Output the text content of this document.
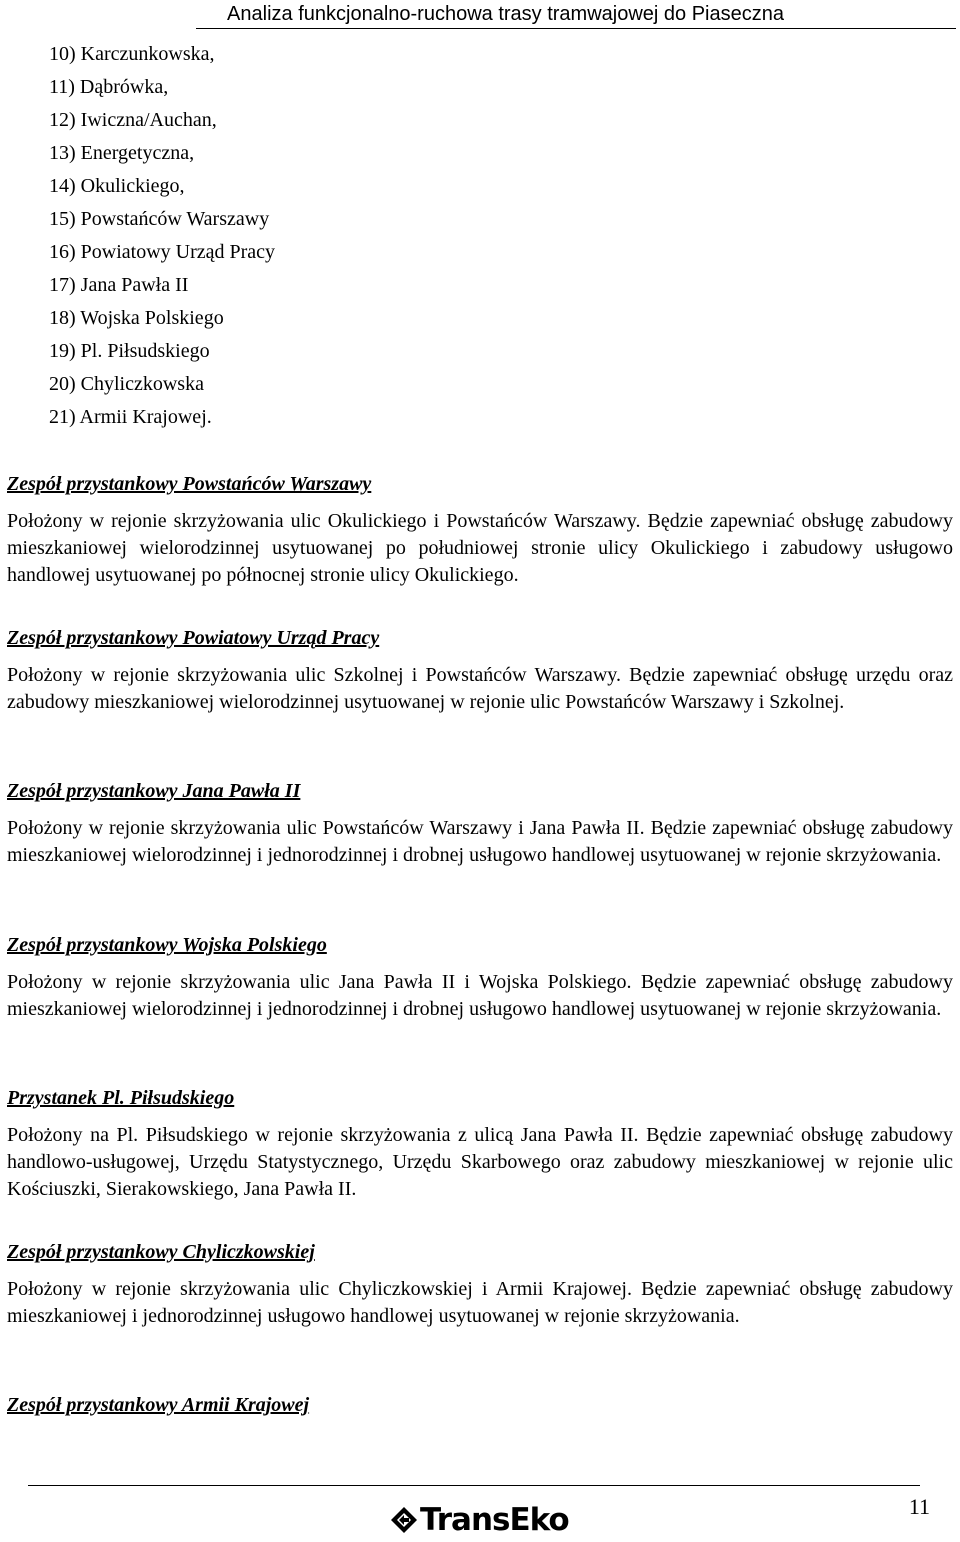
Analiza funkcjonalno-ruchowa trasy tramwajowej do Piaseczna
10) Karczunkowska,
11) Dąbrówka,
12) Iwiczna/Auchan,
13) Energetyczna,
14) Okulickiego,
15) Powstańców Warszawy
16) Powiatowy Urząd Pracy
17) Jana Pawła II
18) Wojska Polskiego
19) Pl. Piłsudskiego
20) Chyliczkowska
21) Armii Krajowej.

Zespół przystankowy Powstańców Warszawy

Położony w rejonie skrzyżowania ulic Okulickiego i Powstańców Warszawy. Będzie zapewniać obsługę zabudowy mieszkaniowej wielorodzinnej usytuowanej po południowej stronie ulicy Okulickiego i zabudowy usługowo handlowej usytuowanej po północnej stronie ulicy Okulickiego.

Zespół przystankowy Powiatowy Urząd Pracy

Położony w rejonie skrzyżowania ulic Szkolnej i Powstańców Warszawy. Będzie zapewniać obsługę urzędu oraz zabudowy mieszkaniowej wielorodzinnej usytuowanej w rejonie ulic Powstańców Warszawy i Szkolnej.

Zespół przystankowy Jana Pawła II

Położony w rejonie skrzyżowania ulic Powstańców Warszawy i Jana Pawła II. Będzie zapewniać obsługę zabudowy mieszkaniowej wielorodzinnej i jednorodzinnej i drobnej usługowo handlowej usytuowanej w rejonie skrzyżowania.

Zespół przystankowy Wojska Polskiego

Położony w rejonie skrzyżowania ulic Jana Pawła II i Wojska Polskiego. Będzie zapewniać obsługę zabudowy mieszkaniowej wielorodzinnej i jednorodzinnej i drobnej usługowo handlowej usytuowanej w rejonie skrzyżowania.

Przystanek Pl. Piłsudskiego

Położony na Pl. Piłsudskiego w rejonie skrzyżowania z ulicą Jana Pawła II. Będzie zapewniać obsługę zabudowy handlowo-usługowej, Urzędu Statystycznego, Urzędu Skarbowego oraz zabudowy mieszkaniowej w rejonie ulic Kościuszki, Sierakowskiego, Jana Pawła II.

Zespół przystankowy Chyliczkowskiej

Położony w rejonie skrzyżowania ulic Chyliczkowskiej i Armii Krajowej. Będzie zapewniać obsługę zabudowy mieszkaniowej i jednorodzinnej usługowo handlowej usytuowanej w rejonie skrzyżowania.

Zespół przystankowy Armii Krajowej

11
TransEko
